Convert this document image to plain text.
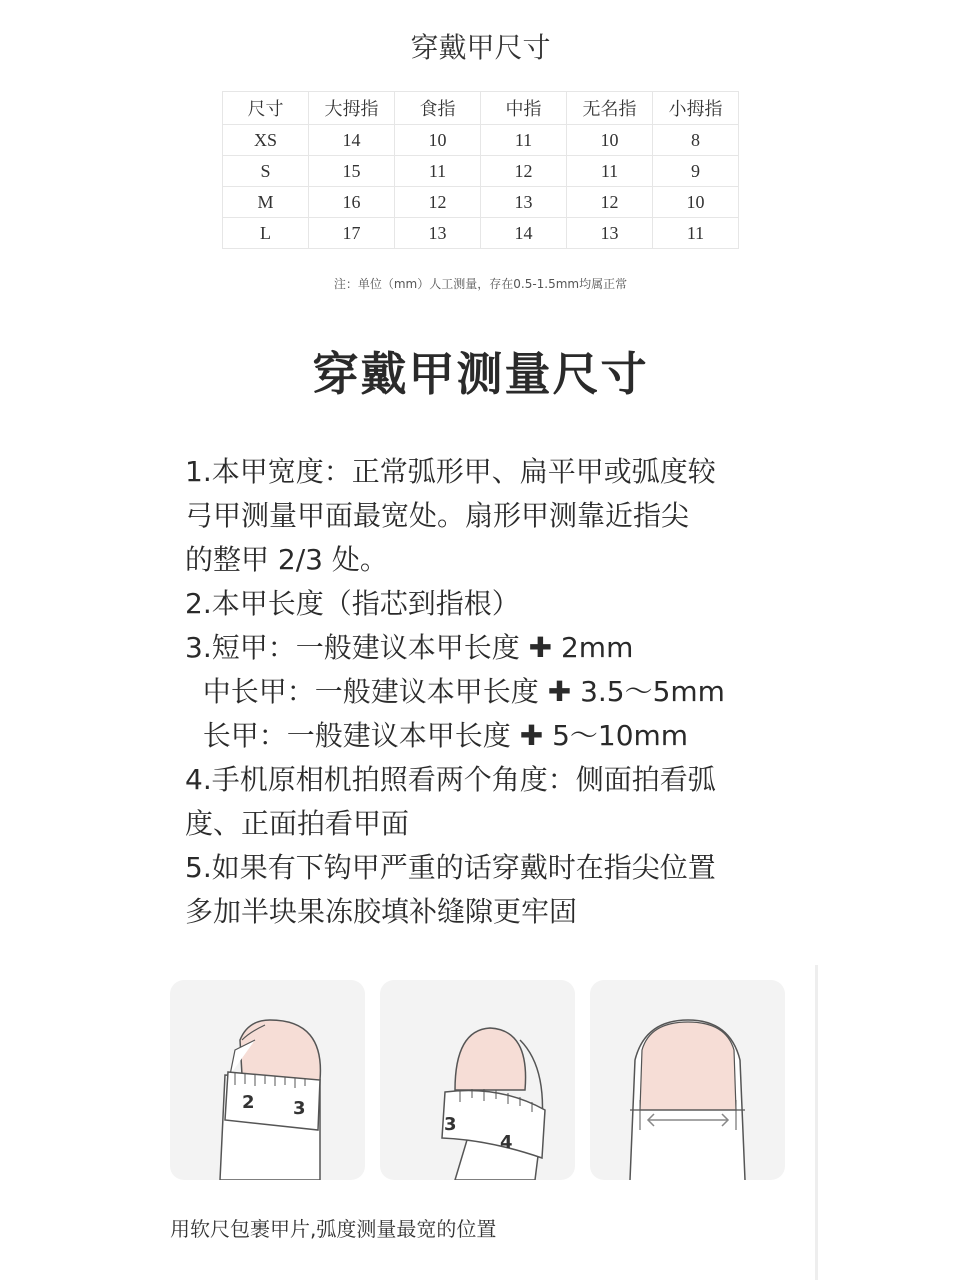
穿戴甲尺寸
尺寸	大拇指	食指	中指	无名指	小拇指
XS	14	10	11	10	8
S	15	11	12	11	9
M	16	12	13	12	10
L	17	13	14	13	11
注：单位（mm）人工测量，存在0.5-1.5mm均属正常
穿戴甲测量尺寸
1.本甲宽度：正常弧形甲、扁平甲或弧度较
弓甲测量甲面最宽处。扇形甲测靠近指尖
的整甲 2/3 处。
2.本甲长度（指芯到指根）
3.短甲：一般建议本甲长度 ✚ 2mm
中长甲：一般建议本甲长度 ✚ 3.5～5mm
长甲：一般建议本甲长度 ✚ 5～10mm
4.手机原相机拍照看两个角度：侧面拍看弧
度、正面拍看甲面
5.如果有下钩甲严重的话穿戴时在指尖位置
多加半块果冻胶填补缝隙更牢固
2 3
3
4
用软尺包裹甲片,弧度测量最宽的位置
